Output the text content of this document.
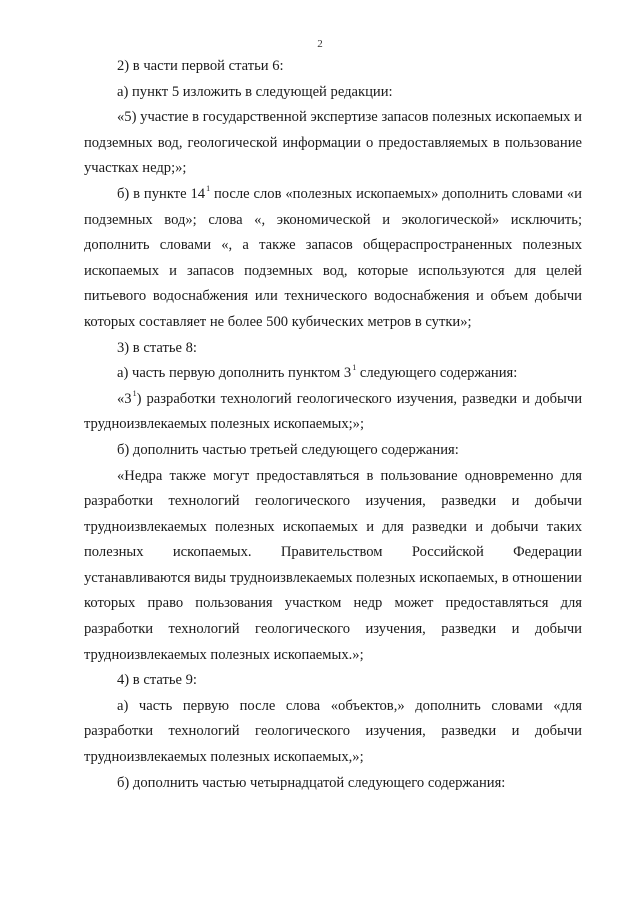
2

2) в части первой статьи 6:

а) пункт 5 изложить в следующей редакции:

«5) участие в государственной экспертизе запасов полезных ископаемых и подземных вод, геологической информации о предоставляемых в пользование участках недр;»;

б) в пункте $14^1$ после слов «полезных ископаемых» дополнить словами «и подземных вод»; слова «, экономической и экологической» исключить; дополнить словами «, а также запасов общераспространенных полезных ископаемых и запасов подземных вод, которые используются для целей питьевого водоснабжения или технического водоснабжения и объем добычи которых составляет не более 500 кубических метров в сутки»;

3) в статье 8:

а) часть первую дополнить пунктом $3^1$ следующего содержания:

«$3^1$) разработки технологий геологического изучения, разведки и добычи трудноизвлекаемых полезных ископаемых;»;

б) дополнить частью третьей следующего содержания:

«Недра также могут предоставляться в пользование одновременно для разработки технологий геологического изучения, разведки и добычи трудноизвлекаемых полезных ископаемых и для разведки и добычи таких полезных ископаемых. Правительством Российской Федерации устанавливаются виды трудноизвлекаемых полезных ископаемых, в отношении которых право пользования участком недр может предоставляться для разработки технологий геологического изучения, разведки и добычи трудноизвлекаемых полезных ископаемых.»;

4) в статье 9:

а) часть первую после слова «объектов,» дополнить словами «для разработки технологий геологического изучения, разведки и добычи трудноизвлекаемых полезных ископаемых,»;

б) дополнить частью четырнадцатой следующего содержания:
